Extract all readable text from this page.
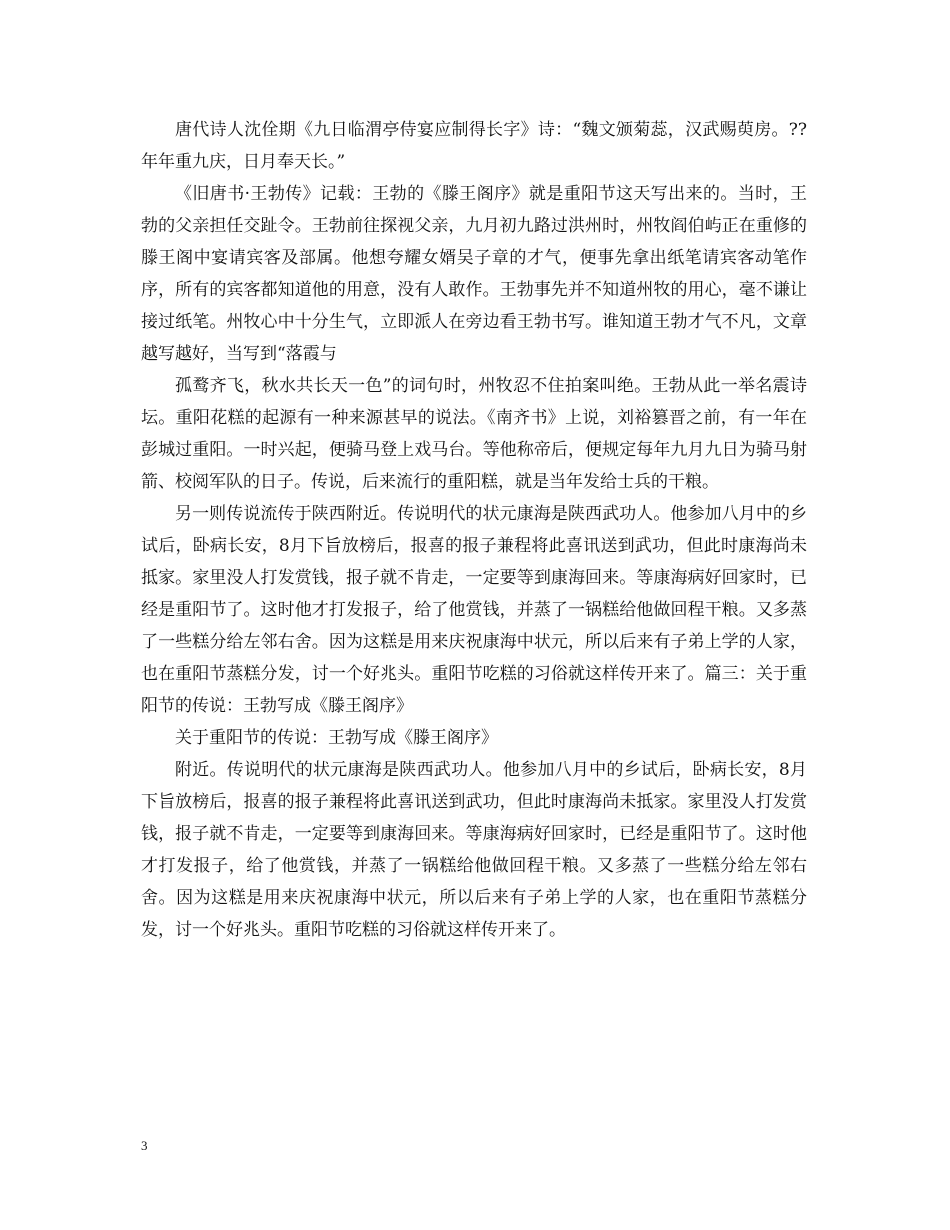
唐代诗人沈佺期《九日临渭亭侍宴应制得长字》诗：“魏文颁菊蕊，汉武赐萸房。??年年重九庆，日月奉天长。”

《旧唐书·王勃传》记载：王勃的《滕王阁序》就是重阳节这天写出来的。当时，王勃的父亲担任交趾令。王勃前往探视父亲，九月初九路过洪州时，州牧阎伯屿正在重修的滕王阁中宴请宾客及部属。他想夸耀女婿吴子章的才气，便事先拿出纸笔请宾客动笔作序，所有的宾客都知道他的用意，没有人敢作。王勃事先并不知道州牧的用心，毫不谦让接过纸笔。州牧心中十分生气，立即派人在旁边看王勃书写。谁知道王勃才气不凡，文章越写越好，当写到“落霞与

孤鹜齐飞，秋水共长天一色”的词句时，州牧忍不住拍案叫绝。王勃从此一举名震诗坛。重阳花糕的起源有一种来源甚早的说法。《南齐书》上说，刘裕篡晋之前，有一年在彭城过重阳。一时兴起，便骑马登上戏马台。等他称帝后，便规定每年九月九日为骑马射箭、校阅军队的日子。传说，后来流行的重阳糕，就是当年发给士兵的干粮。

另一则传说流传于陕西附近。传说明代的状元康海是陕西武功人。他参加八月中的乡试后，卧病长安，8月下旨放榜后，报喜的报子兼程将此喜讯送到武功，但此时康海尚未抵家。家里没人打发赏钱，报子就不肯走，一定要等到康海回来。等康海病好回家时，已经是重阳节了。这时他才打发报子，给了他赏钱，并蒸了一锅糕给他做回程干粮。又多蒸了一些糕分给左邻右舍。因为这糕是用来庆祝康海中状元，所以后来有子弟上学的人家，也在重阳节蒸糕分发，讨一个好兆头。重阳节吃糕的习俗就这样传开来了。篇三：关于重阳节的传说：王勃写成《滕王阁序》

关于重阳节的传说：王勃写成《滕王阁序》

附近。传说明代的状元康海是陕西武功人。他参加八月中的乡试后，卧病长安，8月下旨放榜后，报喜的报子兼程将此喜讯送到武功，但此时康海尚未抵家。家里没人打发赏钱，报子就不肯走，一定要等到康海回来。等康海病好回家时，已经是重阳节了。这时他才打发报子，给了他赏钱，并蒸了一锅糕给他做回程干粮。又多蒸了一些糕分给左邻右舍。因为这糕是用来庆祝康海中状元，所以后来有子弟上学的人家，也在重阳节蒸糕分发，讨一个好兆头。重阳节吃糕的习俗就这样传开来了。

3
